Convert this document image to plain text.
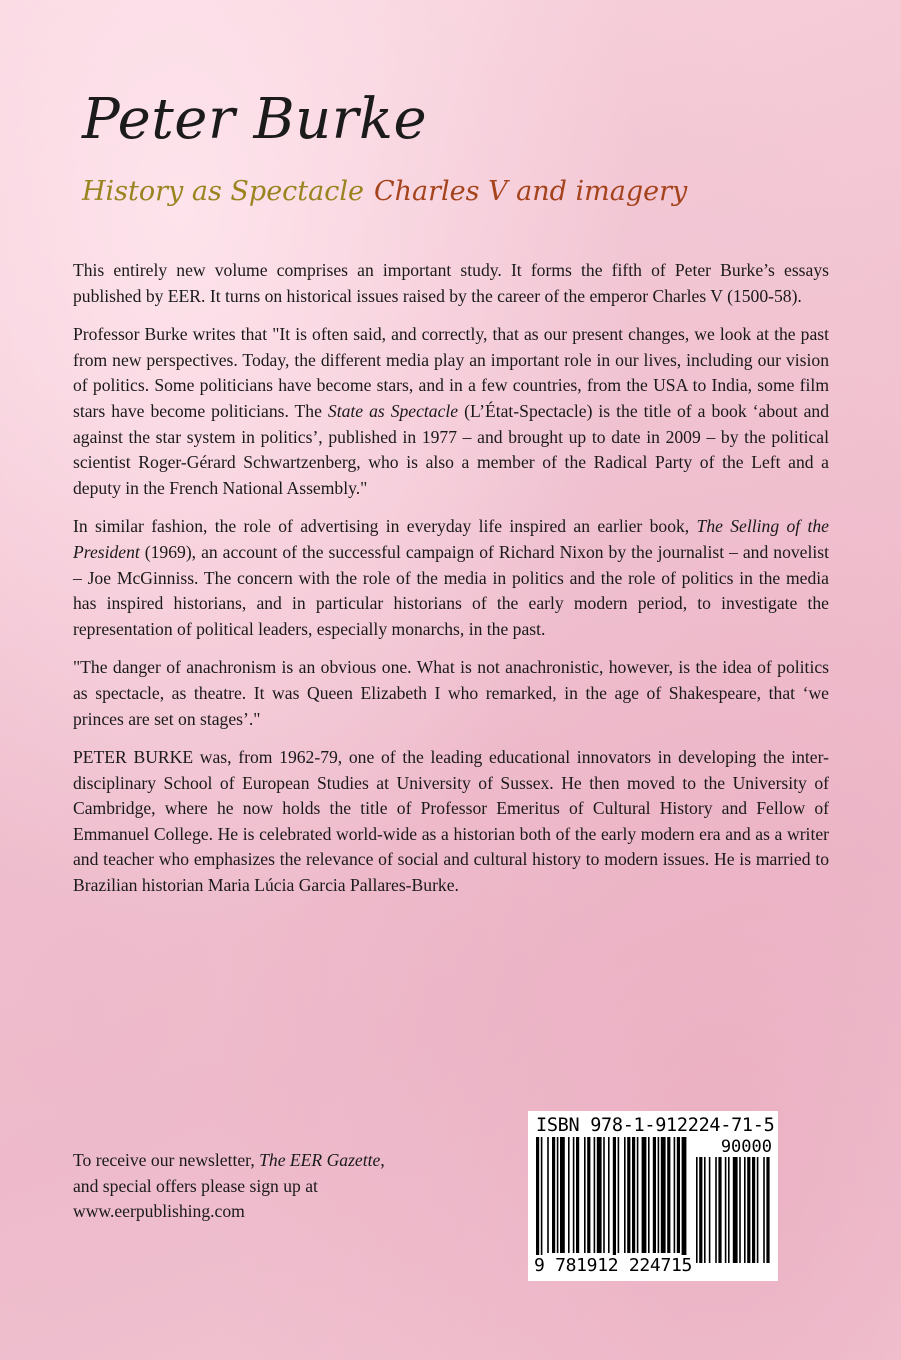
Peter Burke
History as Spectacle Charles V and imagery

This entirely new volume comprises an important study. It forms the fifth of Peter Burke’s essays published by EER. It turns on historical issues raised by the career of the emperor Charles V (1500-58).

Professor Burke writes that "It is often said, and correctly, that as our present changes, we look at the past from new perspectives. Today, the different media play an important role in our lives, including our vision of politics. Some politicians have become stars, and in a few countries, from the USA to India, some film stars have become politicians. The State as Spectacle (L’État-Spectacle) is the title of a book ‘about and against the star system in politics’, published in 1977 – and brought up to date in 2009 – by the political scientist Roger-Gérard Schwartzenberg, who is also a member of the Radical Party of the Left and a deputy in the French National Assembly."

In similar fashion, the role of advertising in everyday life inspired an earlier book, The Selling of the President (1969), an account of the successful campaign of Richard Nixon by the journalist – and novelist – Joe McGinniss. The concern with the role of the media in politics and the role of politics in the media has inspired historians, and in particular historians of the early modern period, to investigate the representation of political leaders, especially monarchs, in the past.

"The danger of anachronism is an obvious one. What is not anachronistic, however, is the idea of politics as spectacle, as theatre. It was Queen Elizabeth I who remarked, in the age of Shakespeare, that ‘we princes are set on stages’."

PETER BURKE was, from 1962-79, one of the leading educational innovators in developing the inter-disciplinary School of European Studies at University of Sussex. He then moved to the University of Cambridge, where he now holds the title of Professor Emeritus of Cultural History and Fellow of Emmanuel College. He is celebrated world-wide as a historian both of the early modern era and as a writer and teacher who emphasizes the relevance of social and cultural history to modern issues. He is married to Brazilian historian Maria Lúcia Garcia Pallares-Burke.

To receive our newsletter, The EER Gazette,
and special offers please sign up at
www.eerpublishing.com
ISBN 978-1-912224-71-5
90000
9 781912 224715
